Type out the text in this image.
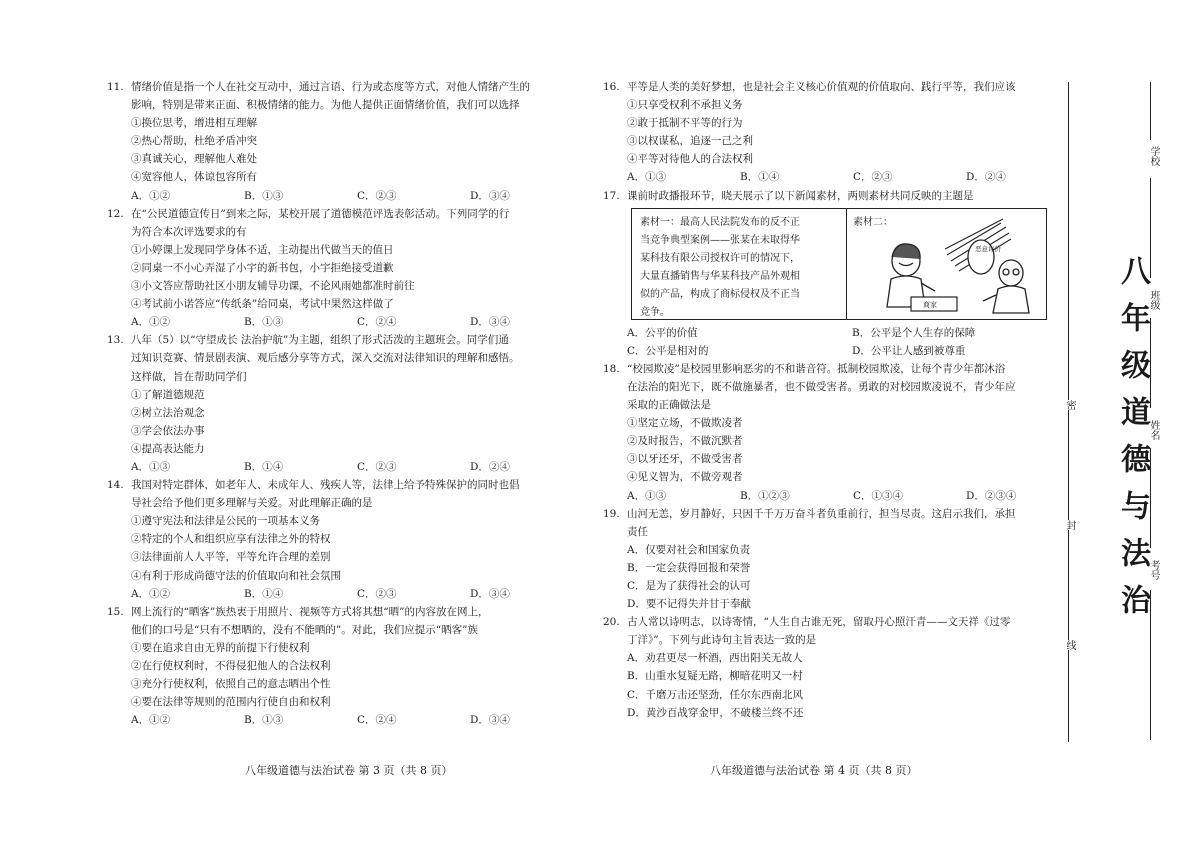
11. 情绪价值是指一个人在社交互动中，通过言语、行为或态度等方式，对他人情绪产生的
影响，特别是带来正面、积极情绪的能力。为他人提供正面情绪价值，我们可以选择
①换位思考，增进相互理解
②热心帮助，杜绝矛盾冲突
③真诚关心，理解他人难处
④宽容他人，体谅包容所有
A．①②	B．①③	C．②③	D．③④
12. 在“公民道德宣传日”到来之际，某校开展了道德模范评选表彰活动。下列同学的行
为符合本次评选要求的有
①小婷课上发现同学身体不适，主动提出代做当天的值日
②同桌一不小心弄湿了小宇的新书包，小宇拒绝接受道歉
③小文答应帮助社区小朋友辅导功课，不论风雨她都准时前往
④考试前小诺答应“传纸条”给同桌，考试中果然这样做了
A．①②	B．①③	C．②④	D．③④
13. 八年（5）以“守望成长 法治护航”为主题，组织了形式活泼的主题班会。同学们通
过知识竞赛、情景剧表演、观后感分享等方式，深入交流对法律知识的理解和感悟。
这样做，旨在帮助同学们
①了解道德规范
②树立法治观念
③学会依法办事
④提高表达能力
A．①③	B．①④	C．②③	D．②④
14. 我国对特定群体，如老年人、未成年人、残疾人等，法律上给予特殊保护的同时也倡
导社会给予他们更多理解与关爱。对此理解正确的是
①遵守宪法和法律是公民的一项基本义务
②特定的个人和组织应享有法律之外的特权
③法律面前人人平等，平等允许合理的差别
④有利于形成尚德守法的价值取向和社会氛围
A．①②	B．①④	C．②③	D．③④
15. 网上流行的“晒客”族热衷于用照片、视频等方式将其想“晒”的内容放在网上，
他们的口号是“只有不想晒的，没有不能晒的”。对此，我们应提示“晒客”族
①要在追求自由无界的前提下行使权利
②在行使权利时，不得侵犯他人的合法权利
③充分行使权利，依照自己的意志晒出个性
④要在法律等规则的范围内行使自由和权利
A．①②	B．①③	C．②④	D．③④
16. 平等是人类的美好梦想，也是社会主义核心价值观的价值取向、践行平等，我们应该
①只享受权利不承担义务
②敢于抵制不平等的行为
③以权谋私，追逐一己之利
④平等对待他人的合法权利
A．①③	B．①④	C．②③	D．②④
17. 课前时政播报环节，晓天展示了以下新闻素材，两则素材共同反映的主题是
素材一：最高人民法院发布的反不正
当竞争典型案例——张某在未取得华
某科技有限公司授权许可的情况下，
大量直播销售与华某科技产品外观相
似的产品，构成了商标侵权及不正当
竞争。
素材二：
商家
恶意评价
A．公平的价值	B．公平是个人生存的保障
C．公平是相对的	D．公平让人感到被尊重
18. “校园欺凌”是校园里影响恶劣的不和谐音符。抵制校园欺凌，让每个青少年都沐浴
在法治的阳光下，既不做施暴者，也不做受害者。勇敢的对校园欺凌说不，青少年应
采取的正确做法是
①坚定立场，不做欺凌者
②及时报告，不做沉默者
③以牙还牙，不做受害者
④见义智为，不做旁观者
A．①③	B．①②③	C．①③④	D．②③④
19. 山河无恙，岁月静好，只因千千万万奋斗者负重前行，担当尽责。这启示我们，承担
责任
A．仅要对社会和国家负责
B．一定会获得回报和荣誉
C．是为了获得社会的认可
D．要不记得失并甘于奉献
20. 古人常以诗明志，以诗寄情，“人生自古谁无死，留取丹心照汗青——文天祥《过零
丁洋》”。下列与此诗句主旨表达一致的是
A．劝君更尽一杯酒，西出阳关无故人
B．山重水复疑无路，柳暗花明又一村
C．千磨万击还坚劲，任尔东西南北风
D．黄沙百战穿金甲，不破楼兰终不还
八年级道德与法治试卷 第 3 页（共 8 页）	八年级道德与法治试卷 第 4 页（共 8 页）
密
封
线
八年级道德与法治
学校
班级
姓名
考号
